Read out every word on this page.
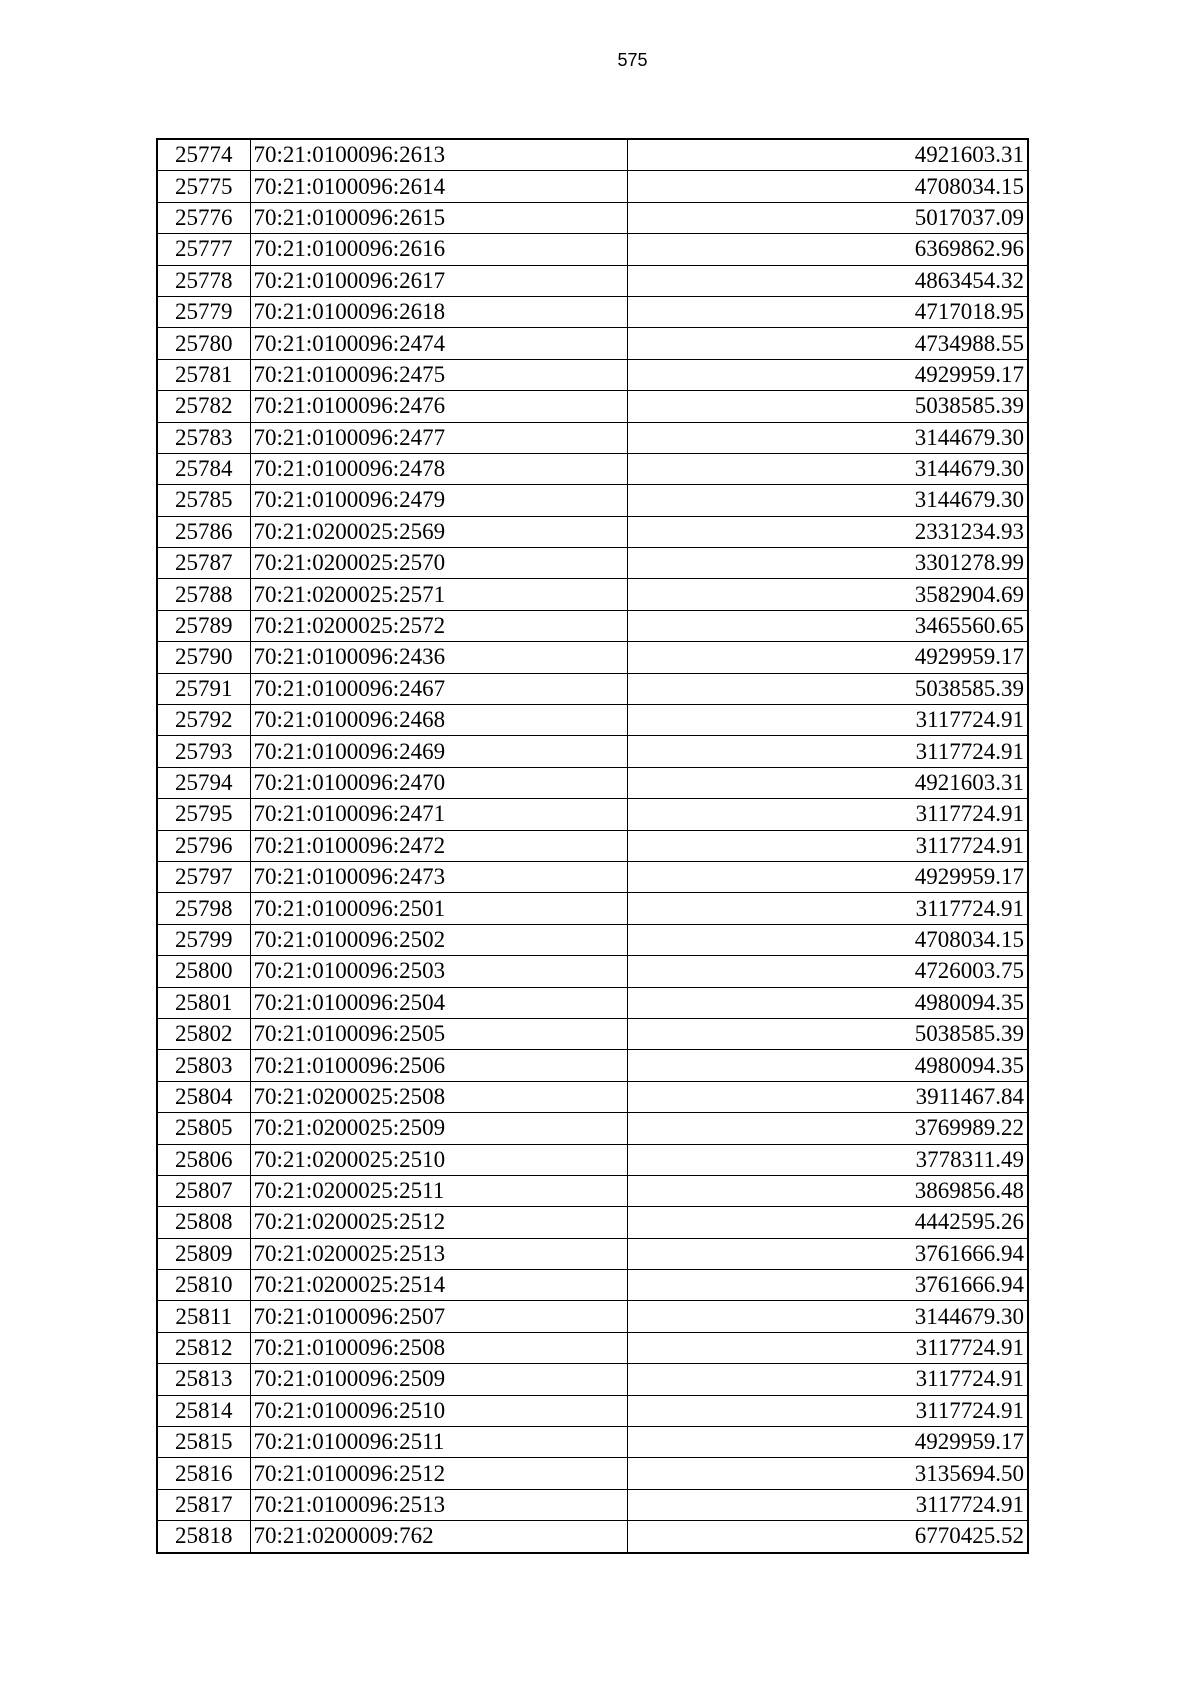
575
25774	70:21:0100096:2613	4921603.31
25775	70:21:0100096:2614	4708034.15
25776	70:21:0100096:2615	5017037.09
25777	70:21:0100096:2616	6369862.96
25778	70:21:0100096:2617	4863454.32
25779	70:21:0100096:2618	4717018.95
25780	70:21:0100096:2474	4734988.55
25781	70:21:0100096:2475	4929959.17
25782	70:21:0100096:2476	5038585.39
25783	70:21:0100096:2477	3144679.30
25784	70:21:0100096:2478	3144679.30
25785	70:21:0100096:2479	3144679.30
25786	70:21:0200025:2569	2331234.93
25787	70:21:0200025:2570	3301278.99
25788	70:21:0200025:2571	3582904.69
25789	70:21:0200025:2572	3465560.65
25790	70:21:0100096:2436	4929959.17
25791	70:21:0100096:2467	5038585.39
25792	70:21:0100096:2468	3117724.91
25793	70:21:0100096:2469	3117724.91
25794	70:21:0100096:2470	4921603.31
25795	70:21:0100096:2471	3117724.91
25796	70:21:0100096:2472	3117724.91
25797	70:21:0100096:2473	4929959.17
25798	70:21:0100096:2501	3117724.91
25799	70:21:0100096:2502	4708034.15
25800	70:21:0100096:2503	4726003.75
25801	70:21:0100096:2504	4980094.35
25802	70:21:0100096:2505	5038585.39
25803	70:21:0100096:2506	4980094.35
25804	70:21:0200025:2508	3911467.84
25805	70:21:0200025:2509	3769989.22
25806	70:21:0200025:2510	3778311.49
25807	70:21:0200025:2511	3869856.48
25808	70:21:0200025:2512	4442595.26
25809	70:21:0200025:2513	3761666.94
25810	70:21:0200025:2514	3761666.94
25811	70:21:0100096:2507	3144679.30
25812	70:21:0100096:2508	3117724.91
25813	70:21:0100096:2509	3117724.91
25814	70:21:0100096:2510	3117724.91
25815	70:21:0100096:2511	4929959.17
25816	70:21:0100096:2512	3135694.50
25817	70:21:0100096:2513	3117724.91
25818	70:21:0200009:762	6770425.52
